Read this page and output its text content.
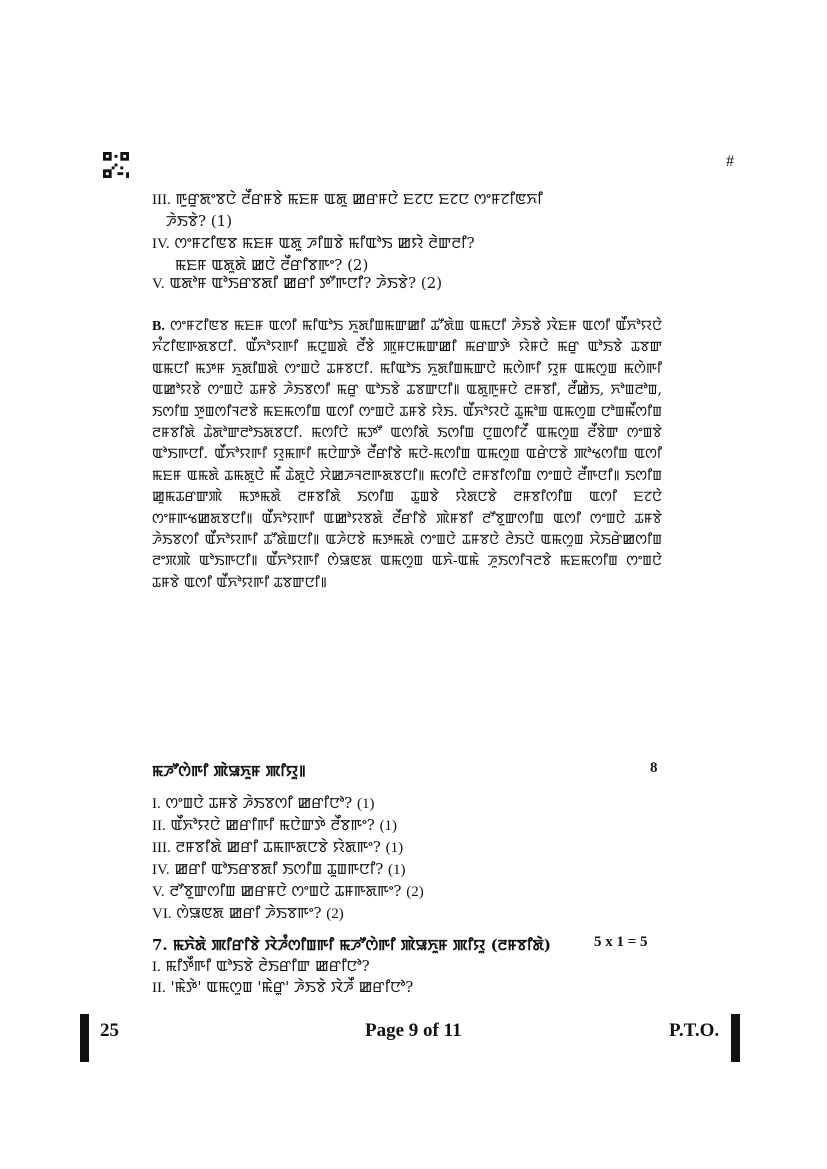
#
III. ꯒꯨꯔꯨꯗꯦꯕꯅꯥ ꯂꯩꯔꯝꯕꯥ ꯃꯐꯝ ꯑꯗꯨ ꯀꯔꯝꯅꯥ ꯐꯖꯅ ꯐꯖꯅ ꯁꯦꯝꯖꯤꯟꯈꯤ
ꯍꯥꯏꯕꯥ? (1)
IV. ꯁꯦꯝꯖꯤꯟꯕ ꯃꯐꯝ ꯑꯗꯨ ꯍꯤꯡꯕꯥ ꯃꯤꯑꯣꯏ ꯀꯌꯥ ꯂꯥꯛꯂꯤ?
ꯃꯐꯝ ꯑꯗꯨꯗꯥ ꯀꯅꯥ ꯂꯩꯔꯤꯕꯒꯦ? (2)
V. ꯑꯗꯣꯝ ꯑꯣꯏꯔꯕꯗꯤ ꯀꯔꯤ ꯇꯧꯒꯅꯤ? ꯍꯥꯏꯕꯥ? (2)
B. ꯁꯦꯝꯖꯤꯟꯕ ꯃꯐꯝ ꯑꯁꯤ ꯃꯤꯑꯣꯏ ꯈꯨꯗꯤꯡꯃꯛꯀꯤ ꯊꯧꯗꯥꯡ ꯑꯃꯅꯤ ꯍꯥꯏꯕꯥ ꯋꯥꯐꯝ ꯑꯁꯤ ꯑꯩꯈꯣꯌꯅꯥ ꯈꯪꯖꯤꯟꯒꯗꯕꯅꯤ. ꯑꯩꯈꯣꯌꯒꯤ ꯃꯅꯨꯡꯗꯥ ꯂꯩꯕꯥ ꯄꯨꯝꯅꯃꯛꯀꯤ ꯃꯔꯛꯇꯥ ꯌꯥꯝꯅꯥ ꯃꯔꯨ ꯑꯣꯏꯕꯥ ꯊꯕꯛ ꯑꯃꯅꯤ ꯃꯇꯝ ꯈꯨꯗꯤꯡꯗꯥ ꯁꯦꯡꯅꯥ ꯊꯝꯕꯅꯤ. ꯃꯤꯑꯣꯏ ꯈꯨꯗꯤꯡꯃꯛꯅꯥ ꯃꯁꯥꯒꯤ ꯌꯨꯝ ꯑꯃꯁꯨꯡ ꯃꯁꯥꯒꯤ ꯑꯀꯣꯌꯕꯥ ꯁꯦꯡꯅꯥ ꯊꯝꯕꯥ ꯍꯥꯏꯕꯁꯤ ꯃꯔꯨ ꯑꯣꯏꯕꯥ ꯊꯕꯛꯅꯤ꯫ ꯑꯗꯨꯒꯨꯝꯅꯥ ꯂꯝꯕꯤ, ꯂꯩꯀꯥꯏ, ꯈꯣꯡꯂꯣꯡ, ꯏꯁꯤꯡ ꯇꯨꯡꯁꯤꯜꯂꯕꯥ ꯃꯐꯃꯁꯤꯡ ꯑꯁꯤ ꯁꯦꯡꯅꯥ ꯊꯝꯕꯥ ꯌꯥꯏ. ꯑꯩꯈꯣꯌꯅꯥ ꯊꯨꯃꯣꯡ ꯑꯃꯁꯨꯡ ꯅꯣꯡꯃꯩꯁꯤꯡ ꯂꯝꯕꯤꯗꯥ ꯊꯥꯗꯣꯛꯂꯣꯏꯗꯕꯅꯤ. ꯃꯁꯤꯅꯥ ꯃꯇꯧ ꯑꯁꯤꯗꯥ ꯏꯁꯤꯡ ꯅꯨꯡꯁꯤꯖꯩ ꯑꯃꯁꯨꯡ ꯂꯩꯕꯥꯛ ꯁꯦꯡꯕꯥ ꯑꯣꯏꯒꯅꯤ. ꯑꯩꯈꯣꯌꯒꯤ ꯌꯨꯃꯒꯤ ꯃꯅꯥꯛꯇꯥ ꯂꯩꯔꯤꯕꯥ ꯃꯅꯥ-ꯃꯁꯤꯡ ꯑꯃꯁꯨꯡ ꯑꯔꯥꯅꯕꯥ ꯄꯣꯠꯁꯤꯡ ꯑꯁꯤ ꯃꯐꯝ ꯑꯃꯗꯥ ꯊꯃꯗꯨꯅꯥ ꯃꯩ ꯊꯥꯗꯨꯅꯥ ꯆꯥꯀꯍꯜꯂꯒꯗꯕꯅꯤ꯫ ꯃꯁꯤꯅꯥ ꯂꯝꯕꯤꯁꯤꯡ ꯁꯦꯡꯅꯥ ꯂꯩꯒꯅꯤ꯫ ꯏꯁꯤꯡ ꯀꯨꯃꯊꯔꯛꯄꯥ ꯃꯇꯃꯗꯥ ꯂꯝꯕꯤꯗꯥ ꯏꯁꯤꯡ ꯊꯨꯡꯕꯥ ꯌꯥꯗꯅꯕꯥ ꯂꯝꯕꯤꯁꯤꯡ ꯑꯁꯤ ꯐꯖꯅꯥ ꯁꯦꯝꯒꯠꯀꯗꯕꯅꯤ꯫ ꯑꯩꯈꯣꯌꯒꯤ ꯑꯀꯣꯌꯕꯗꯥ ꯂꯩꯔꯤꯕꯥ ꯄꯥꯝꯕꯤ ꯂꯧꯕꯨꯛꯁꯤꯡ ꯑꯁꯤ ꯁꯦꯡꯅꯥ ꯊꯝꯕꯥ ꯍꯥꯏꯕꯁꯤ ꯑꯩꯈꯣꯌꯒꯤ ꯊꯧꯗꯥꯡꯅꯤ꯫ ꯑꯍꯥꯅꯕꯥ ꯃꯇꯃꯗꯥ ꯁꯦꯡꯅꯥ ꯊꯝꯕꯅꯥ ꯂꯥꯏꯅꯥ ꯑꯃꯁꯨꯡ ꯆꯥꯏꯔꯥꯀꯁꯤꯡ ꯂꯦꯞꯄꯥ ꯑꯣꯏꯒꯅꯤ꯫ ꯑꯩꯈꯣꯌꯒꯤ ꯁꯥꯎꯟꯗ ꯑꯃꯁꯨꯡ ꯑꯈꯥ-ꯑꯃꯥ ꯍꯨꯏꯁꯤꯜꯂꯕꯥ ꯃꯐꯃꯁꯤꯡ ꯁꯦꯡꯅꯥ ꯊꯝꯕꯥ ꯑꯁꯤ ꯑꯩꯈꯣꯌꯒꯤ ꯊꯕꯛꯅꯤ꯫
ꯃꯍꯧꯁꯥꯒꯤ ꯄꯥꯎꯈꯨꯝ ꯄꯤꯌꯨ꯫	8
I. ꯁꯦꯡꯅꯥ ꯊꯝꯕꯥ ꯍꯥꯏꯕꯁꯤ ꯀꯔꯤꯅꯣ? (1)
II. ꯑꯩꯈꯣꯌꯅꯥ ꯀꯔꯤꯒꯤ ꯃꯅꯥꯛꯇꯥ ꯂꯩꯕꯒꯦ? (1)
III. ꯂꯝꯕꯤꯗꯥ ꯀꯔꯤ ꯊꯃꯒꯗꯅꯕꯥ ꯌꯥꯗꯒꯦ? (1)
IV. ꯀꯔꯤ ꯑꯣꯏꯔꯕꯗꯤ ꯏꯁꯤꯡ ꯊꯨꯡꯒꯅꯤ? (1)
V. ꯂꯧꯕꯨꯛꯁꯤꯡ ꯀꯔꯝꯅꯥ ꯁꯦꯡꯅꯥ ꯊꯝꯒꯗꯒꯦ? (2)
VI. ꯁꯥꯎꯟꯗ ꯀꯔꯤ ꯍꯥꯏꯕꯒꯦ? (2)
7. ꯃꯈꯥꯗꯥ ꯄꯤꯔꯤꯕꯥ ꯋꯥꯍꯪꯁꯤꯡꯒꯤ ꯃꯍꯧꯁꯥꯒꯤ ꯄꯥꯎꯈꯨꯝ ꯄꯤꯌꯨ (ꯂꯝꯕꯤꯗꯥ)	5 x 1 = 5
I. ꯃꯤꯇꯩꯒꯤ ꯑꯣꯏꯕꯥ ꯂꯥꯏꯔꯤꯛ ꯀꯔꯤꯅꯣ?
II. 'ꯃꯥꯇꯥ' ꯑꯃꯁꯨꯡ 'ꯃꯥꯔꯨ' ꯍꯥꯏꯕꯥ ꯋꯥꯍꯩ ꯀꯔꯤꯅꯣ?
25	Page 9 of 11	P.T.O.
